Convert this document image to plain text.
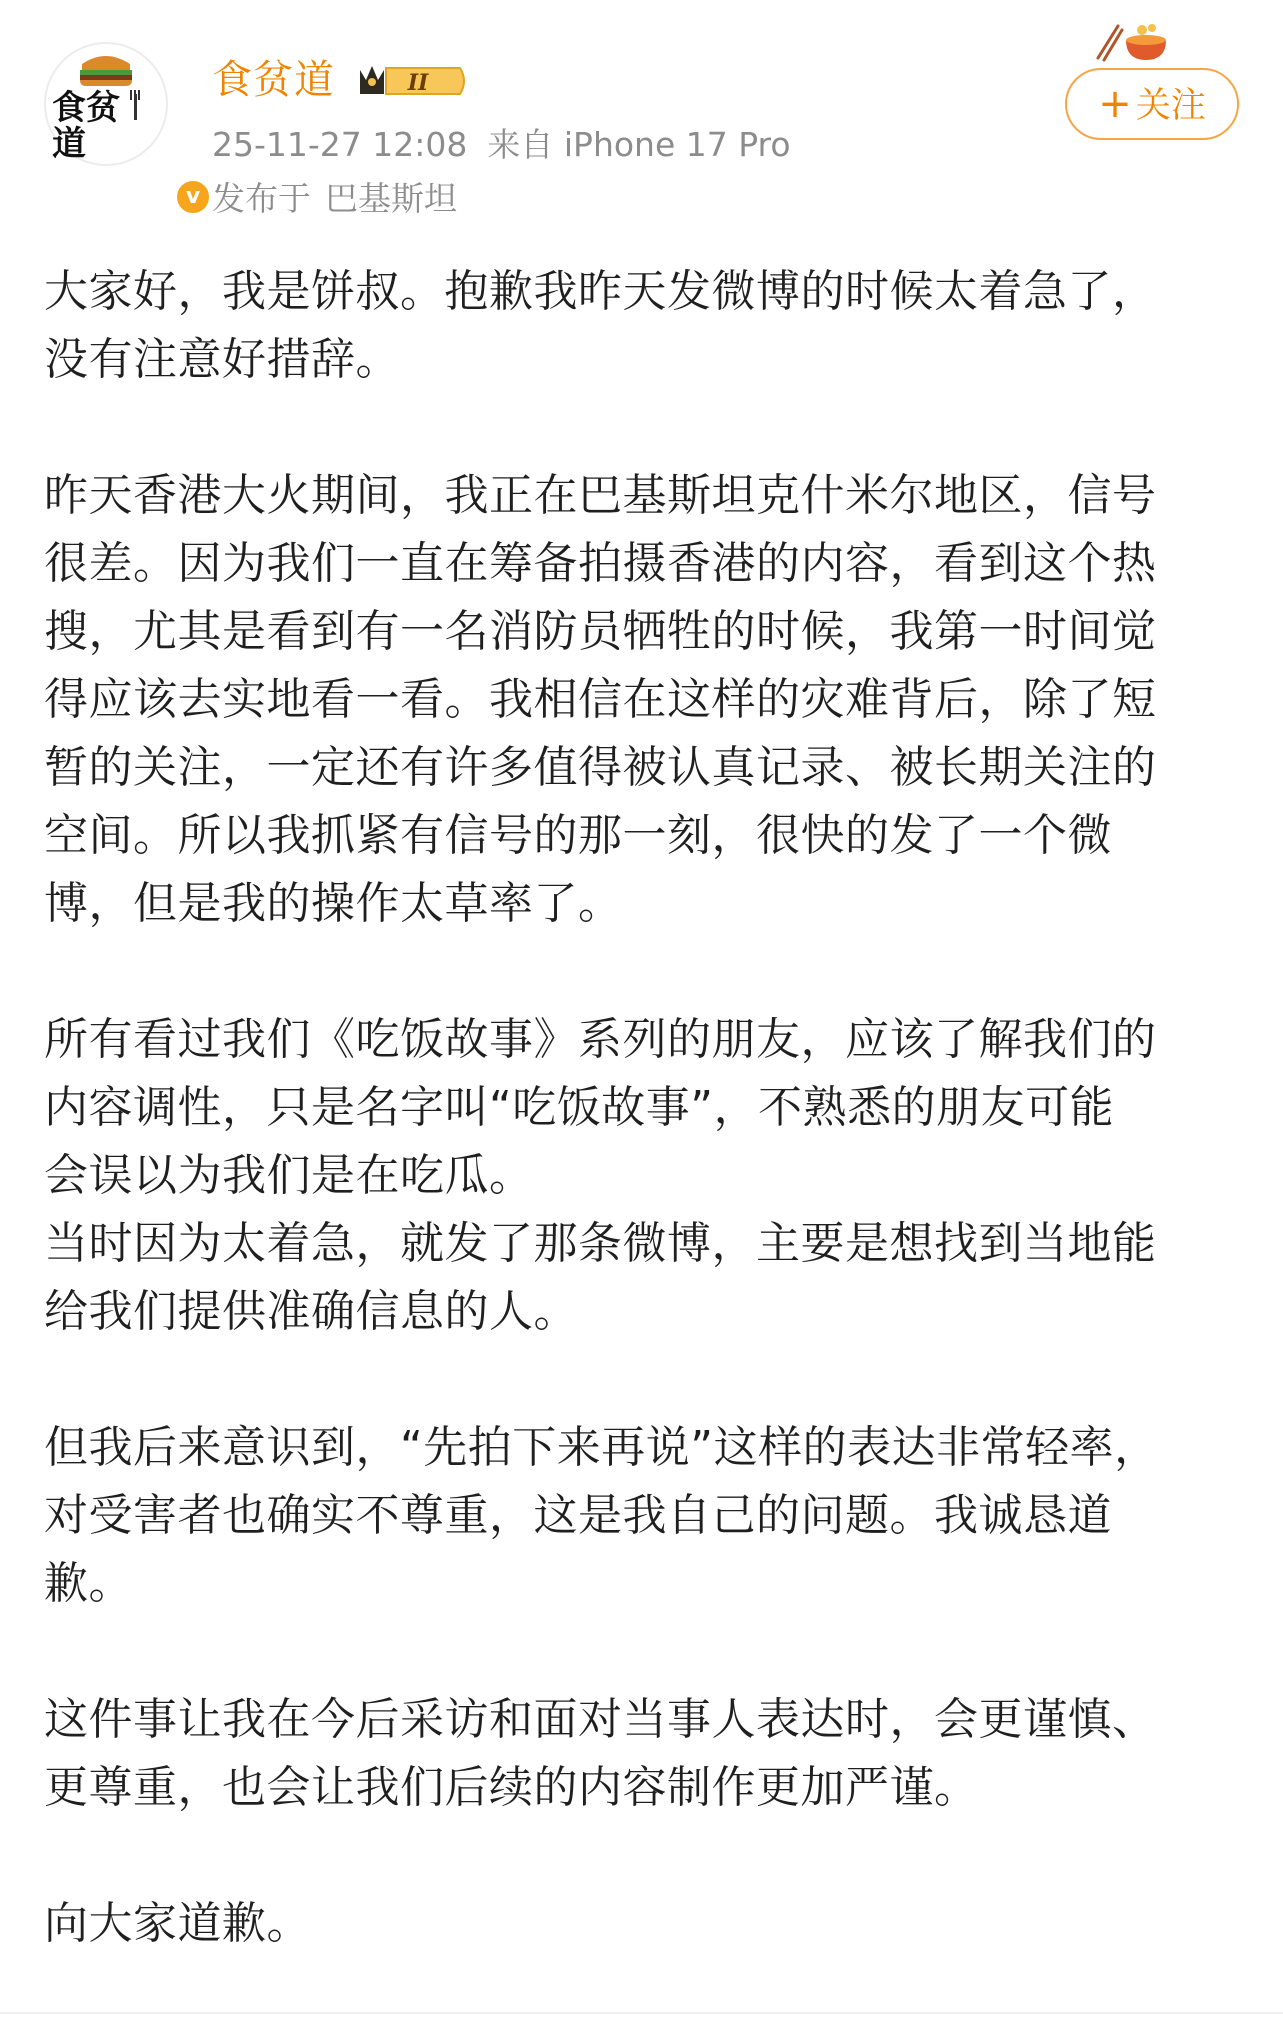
食贫道
v
食贫道	II
25-11-27 12:08 来自 iPhone 17 Pro
发布于 巴基斯坦
+ 关注

大家好，我是饼叔。抱歉我昨天发微博的时候太着急了，
没有注意好措辞。

昨天香港大火期间，我正在巴基斯坦克什米尔地区，信号
很差。因为我们一直在筹备拍摄香港的内容，看到这个热
搜，尤其是看到有一名消防员牺牲的时候，我第一时间觉
得应该去实地看一看。我相信在这样的灾难背后，除了短
暂的关注，一定还有许多值得被认真记录、被长期关注的
空间。所以我抓紧有信号的那一刻，很快的发了一个微
博，但是我的操作太草率了。

所有看过我们《吃饭故事》系列的朋友，应该了解我们的
内容调性，只是名字叫“吃饭故事”，不熟悉的朋友可能
会误以为我们是在吃瓜。

当时因为太着急，就发了那条微博，主要是想找到当地能
给我们提供准确信息的人。

但我后来意识到，“先拍下来再说”这样的表达非常轻率，
对受害者也确实不尊重，这是我自己的问题。我诚恳道
歉。

这件事让我在今后采访和面对当事人表达时，会更谨慎、
更尊重，也会让我们后续的内容制作更加严谨。

向大家道歉。
